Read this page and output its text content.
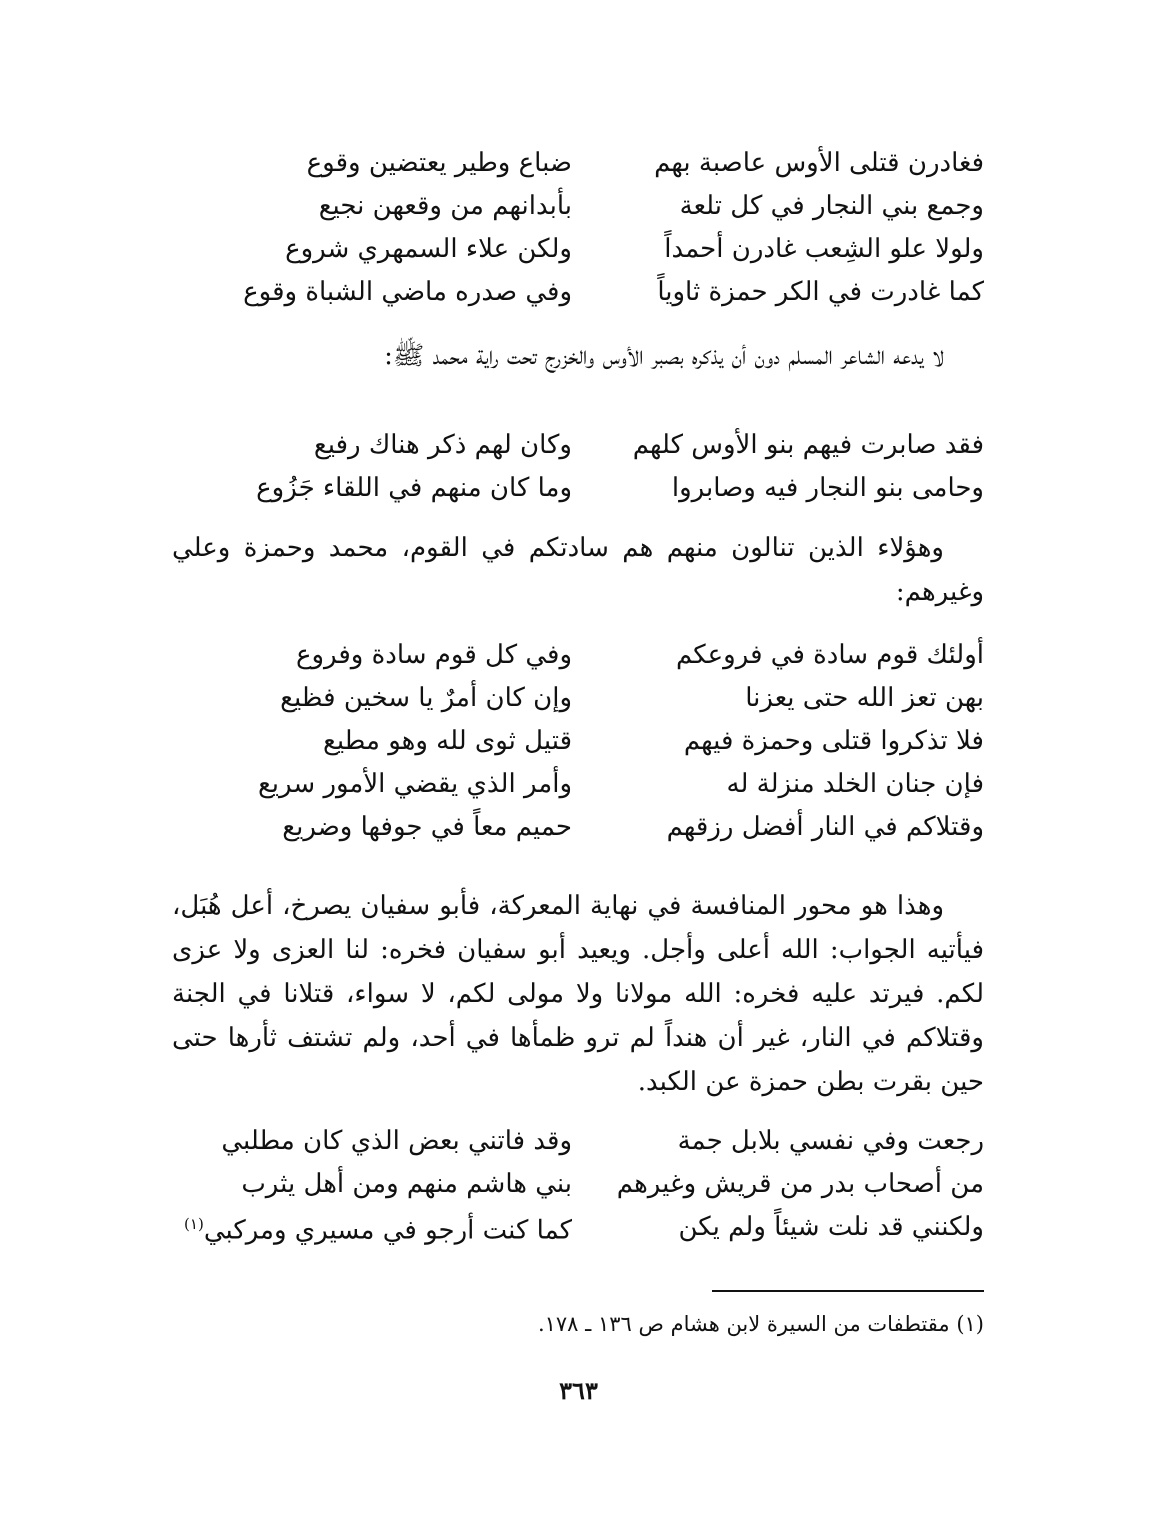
ضباع وطير يعتضين وقوع	فغادرن قتلى الأوس عاصبة بهم
بأبدانهم من وقعهن نجيع	وجمع بني النجار في كل تلعة
ولكن علاء السمهري شروع	ولولا علو الشِعب غادرن أحمداً
وفي صدره ماضي الشباة وقوع	كما غادرت في الكر حمزة ثاوياً

لا يدعه الشاعر المسلم دون أن يذكره بصبر الأوس والخزرج تحت راية محمد ﷺ:

وكان لهم ذكر هناك رفيع	فقد صابرت فيهم بنو الأوس كلهم
وما كان منهم في اللقاء جَزُوع	وحامى بنو النجار فيه وصابروا

وهؤلاء الذين تنالون منهم هم سادتكم في القوم، محمد وحمزة وعلي وغيرهم:

وفي كل قوم سادة وفروع	أولئك قوم سادة في فروعكم
وإن كان أمرٌ يا سخين فظيع	بهن تعز الله حتى يعزنا
قتيل ثوى لله وهو مطيع	فلا تذكروا قتلى وحمزة فيهم
وأمر الذي يقضي الأمور سريع	فإن جنان الخلد منزلة له
حميم معاً في جوفها وضريع	وقتلاكم في النار أفضل رزقهم

وهذا هو محور المنافسة في نهاية المعركة، فأبو سفيان يصرخ، أعل هُبَل، فيأتيه الجواب: الله أعلى وأجل. ويعيد أبو سفيان فخره: لنا العزى ولا عزى لكم. فيرتد عليه فخره: الله مولانا ولا مولى لكم، لا سواء، قتلانا في الجنة وقتلاكم في النار، غير أن هنداً لم ترو ظمأها في أحد، ولم تشتف ثأرها حتى حين بقرت بطن حمزة عن الكبد.

وقد فاتني بعض الذي كان مطلبي	رجعت وفي نفسي بلابل جمة
بني هاشم منهم ومن أهل يثرب	من أصحاب بدر من قريش وغيرهم
كما كنت أرجو في مسيري ومركبي$^{(١)}$	ولكنني قد نلت شيئاً ولم يكن
(١) مقتطفات من السيرة لابن هشام ص ١٣٦ ـ ١٧٨.
٣٦٣
